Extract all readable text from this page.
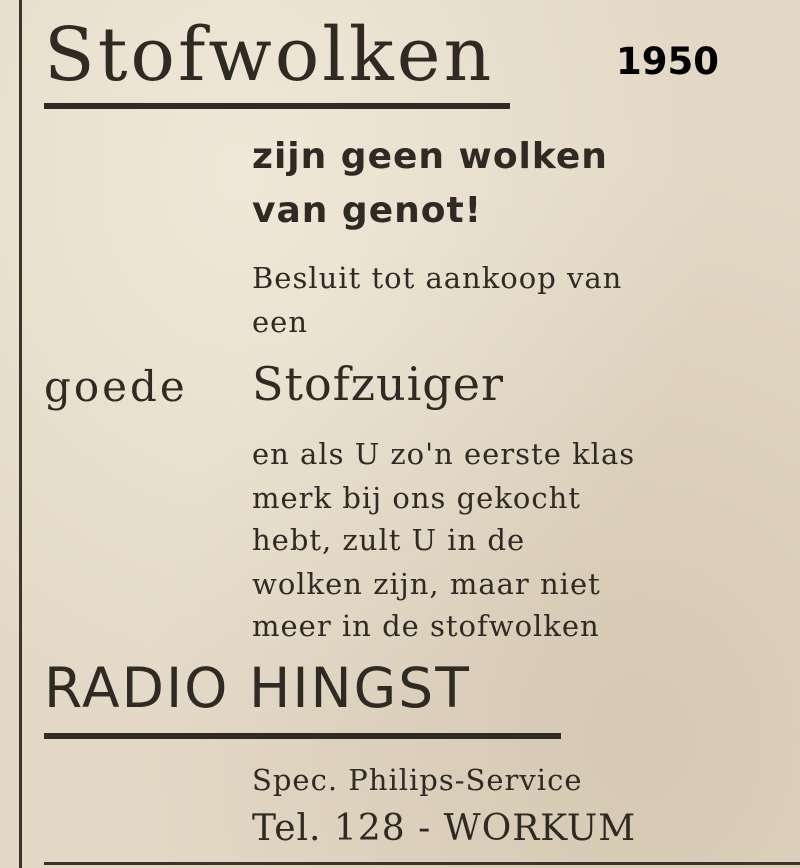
Stofwolken	1950
zijn geen wolken
van genot!
Besluit tot aankoop van
een
goede Stofzuiger
en als U zo'n eerste klas
merk bij ons gekocht
hebt, zult U in de
wolken zijn, maar niet
meer in de stofwolken
RADIO HINGST
Spec. Philips-Service
Tel. 128 - WORKUM
